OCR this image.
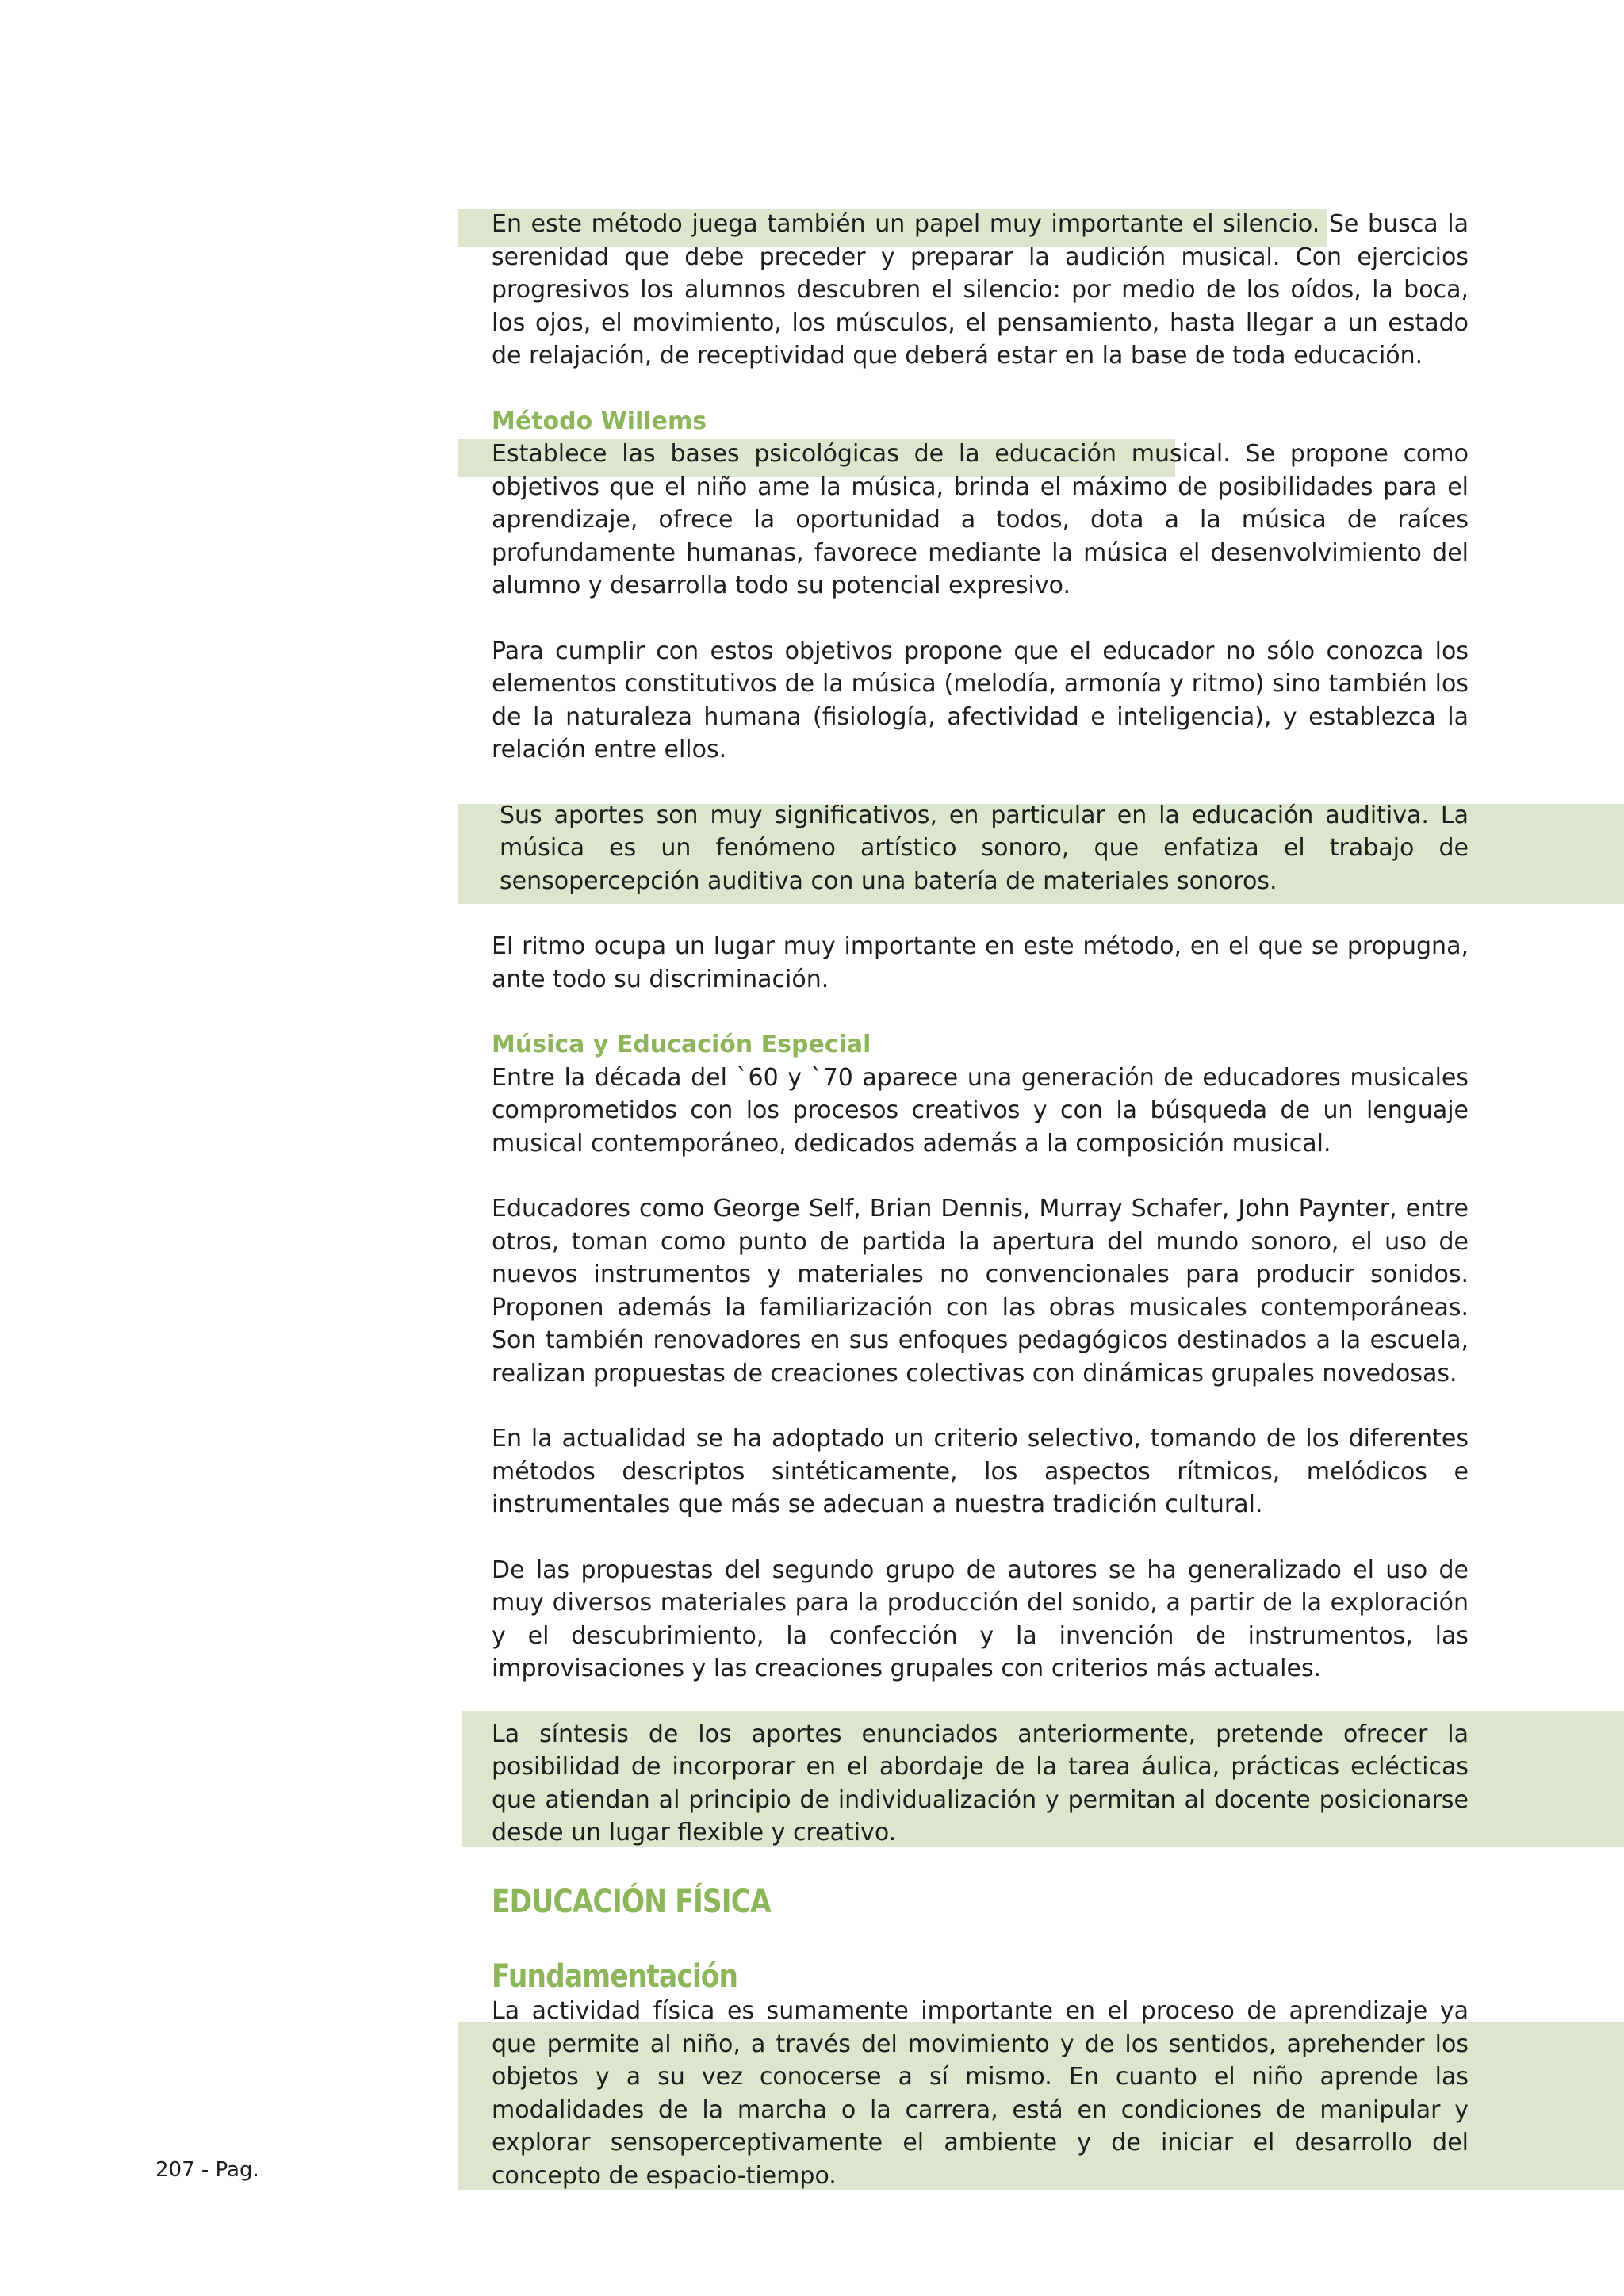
En este método juega también un papel muy importante el silencio. Se busca la serenidad que debe preceder y preparar la audición musical. Con ejercicios progresivos los alumnos descubren el silencio: por medio de los oídos, la boca, los ojos, el movimiento, los músculos, el pensamiento, hasta llegar a un estado de relajación, de receptividad que deberá estar en la base de toda educación.

Método Willems

Establece las bases psicológicas de la educación musical. Se propone como objetivos que el niño ame la música, brinda el máximo de posibilidades para el aprendizaje, ofrece la oportunidad a todos, dota a la música de raíces profundamente humanas, favorece mediante la música el desenvolvimiento del alumno y desarrolla todo su potencial expresivo.

Para cumplir con estos objetivos propone que el educador no sólo conozca los elementos constitutivos de la música (melodía, armonía y ritmo) sino también los de la naturaleza humana (fisiología, afectividad e inteligencia), y establezca la relación entre ellos.

Sus aportes son muy significativos, en particular en la educación auditiva. La música es un fenómeno artístico sonoro, que enfatiza el trabajo de sensopercepción auditiva con una batería de materiales sonoros.

El ritmo ocupa un lugar muy importante en este método, en el que se propugna, ante todo su discriminación.

Música y Educación Especial

Entre la década del `60 y `70 aparece una generación de educadores musicales comprometidos con los procesos creativos y con la búsqueda de un lenguaje musical contemporáneo, dedicados además a la composición musical.

Educadores como George Self, Brian Dennis, Murray Schafer, John Paynter, entre otros, toman como punto de partida la apertura del mundo sonoro, el uso de nuevos instrumentos y materiales no convencionales para producir sonidos. Proponen además la familiarización con las obras musicales contemporáneas. Son también renovadores en sus enfoques pedagógicos destinados a la escuela, realizan propuestas de creaciones colectivas con dinámicas grupales novedosas.

En la actualidad se ha adoptado un criterio selectivo, tomando de los diferentes métodos descriptos sintéticamente, los aspectos rítmicos, melódicos e instrumentales que más se adecuan a nuestra tradición cultural.

De las propuestas del segundo grupo de autores se ha generalizado el uso de muy diversos materiales para la producción del sonido, a partir de la exploración y el descubrimiento, la confección y la invención de instrumentos, las improvisaciones y las creaciones grupales con criterios más actuales.

La síntesis de los aportes enunciados anteriormente, pretende ofrecer la posibilidad de incorporar en el abordaje de la tarea áulica, prácticas eclécticas que atiendan al principio de individualización y permitan al docente posicionarse desde un lugar flexible y creativo.

EDUCACIÓN FÍSICA

Fundamentación

La actividad física es sumamente importante en el proceso de aprendizaje ya que permite al niño, a través del movimiento y de los sentidos, aprehender los objetos y a su vez conocerse a sí mismo. En cuanto el niño aprende las modalidades de la marcha o la carrera, está en condiciones de manipular y explorar sensoperceptivamente el ambiente y de iniciar el desarrollo del concepto de espacio-tiempo.

207 - Pag.
